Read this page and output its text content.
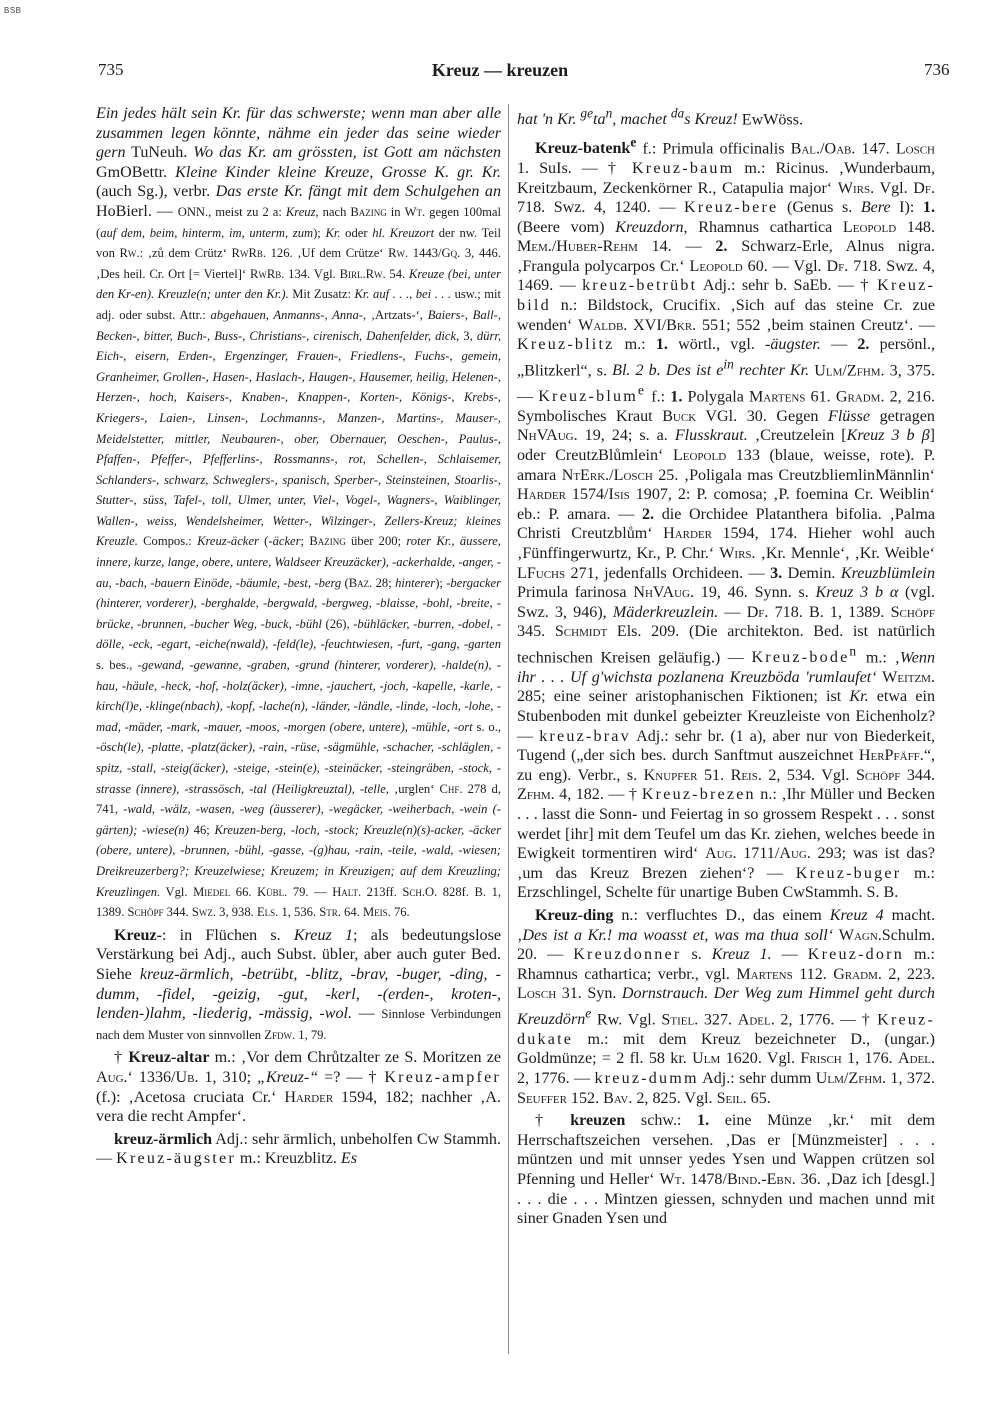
BSB
735	Kreuz — kreuzen	736

Ein jedes hält sein Kr. für das schwerste; wenn man aber alle zusammen legen könnte, nähme ein jeder das seine wieder gern TuNeuh. Wo das Kr. am grössten, ist Gott am nächsten GmOBettr. Kleine Kinder kleine Kreuze, Grosse K. gr. Kr. (auch Sg.), verbr. Das erste Kr. fängt mit dem Schulgehen an HoBierl. — ONN., meist zu 2 a: Kreuz, nach Bazing in Wt. gegen 100mal (auf dem, beim, hinterm, im, unterm, zum); Kr. oder hl. Kreuzort der nw. Teil von Rw.: ‚zů dem Crütz‘ RwRb. 126. ‚Uf dem Crütze‘ Rw. 1443/Gq. 3, 446. ‚Des heil. Cr. Ort [= Viertel]‘ RwRb. 134. Vgl. Birl.Rw. 54. Kreuze (bei, unter den Kr-en). Kreuzle(n; unter den Kr.). Mit Zusatz: Kr. auf . . ., bei . . . usw.; mit adj. oder subst. Attr.: abgehauen, Anmanns-, Anna-, ‚Artzats-‘, Baiers-, Ball-, Becken-, bitter, Buch-, Buss-, Christians-, cirenisch, Dahenfelder, dick, 3, dürr, Eich-, eisern, Erden-, Ergenzinger, Frauen-, Friedlens-, Fuchs-, gemein, Granheimer, Grollen-, Hasen-, Haslach-, Haugen-, Hausemer, heilig, Helenen-, Herzen-, hoch, Kaisers-, Knaben-, Knappen-, Korten-, Königs-, Krebs-, Kriegers-, Laien-, Linsen-, Lochmanns-, Manzen-, Martins-, Mauser-, Meidelstetter, mittler, Neubauren-, ober, Obernauer, Oeschen-, Paulus-, Pfaffen-, Pfeffer-, Pfefferlins-, Rossmanns-, rot, Schellen-, Schlaisemer, Schlanders-, schwarz, Schweglers-, spanisch, Sperber-, Steinsteinen, Stoarlis-, Stutter-, süss, Tafel-, toll, Ulmer, unter, Viel-, Vogel-, Wagners-, Waiblinger, Wallen-, weiss, Wendelsheimer, Wetter-, Wilzinger-, Zellers-Kreuz; kleines Kreuzle. Compos.: Kreuz-äcker (-äcker; Bazing über 200; roter Kr., äussere, innere, kurze, lange, obere, untere, Waldseer Kreuzäcker), -ackerhalde, -anger, -au, -bach, -bauern Einöde, -bäumle, -best, -berg (Baz. 28; hinterer); -bergacker (hinterer, vorderer), -berghalde, -bergwald, -bergweg, -blaisse, -bohl, -breite, -brücke, -brunnen, -bucher Weg, -buck, -bühl (26), -bühläcker, -burren, -dobel, -dölle, -eck, -egart, -eiche(nwald), -feld(le), -feuchtwiesen, -furt, -gang, -garten s. bes., -gewand, -gewanne, -graben, -grund (hinterer, vorderer), -halde(n), -hau, -häule, -heck, -hof, -holz(äcker), -imne, -jauchert, -joch, -kapelle, -karle, -kirch(l)e, -klinge(nbach), -kopf, -lache(n), -länder, -ländle, -linde, -loch, -lohe, -mad, -mäder, -mark, -mauer, -moos, -morgen (obere, untere), -mühle, -ort s. o., -ösch(le), -platte, -platz(äcker), -rain, -rüse, -sägmühle, -schacher, -schläglen, -spitz, -stall, -steig(äcker), -steige, -stein(e), -steinäcker, -steingräben, -stock, -strasse (innere), -strassösch, -tal (Heiligkreuztal), -telle, ‚urglen‘ Chf. 278 d, 741, -wald, -wälz, -wasen, -weg (äusserer), -wegäcker, -weiherbach, -wein (-gärten); -wiese(n) 46; Kreuzen-berg, -loch, -stock; Kreuzle(n)(s)-acker, -äcker (obere, untere), -brunnen, -bühl, -gasse, -(g)hau, -rain, -teile, -wald, -wiesen; Dreikreuzerberg?; Kreuzelwiese; Kreuzem; in Kreuzigen; auf dem Kreuzling; Kreuzlingen. Vgl. Miedel 66. Kübl. 79. — Halt. 213ff. Sch.O. 828f. B. 1, 1389. Schöpf 344. Swz. 3, 938. Els. 1, 536. Str. 64. Meis. 76.

Kreuz-: in Flüchen s. Kreuz 1; als bedeutungslose Verstärkung bei Adj., auch Subst. übler, aber auch guter Bed. Siehe kreuz-ärmlich, -betrübt, -blitz, -brav, -buger, -ding, -dumm, -fidel, -geizig, -gut, -kerl, -(erden-, kroten-, lenden-)lahm, -liederig, -mässig, -wol. — Sinnlose Verbindungen nach dem Muster von sinnvollen Zfdw. 1, 79.

† Kreuz-altar m.: ‚Vor dem Chrůtzalter ze S. Moritzen ze Aug.‘ 1336/Ub. 1, 310; „Kreuz-“ =? — † Kreuz-ampfer (f.): ‚Acetosa cruciata Cr.‘ Harder 1594, 182; nachher ‚A. vera die recht Ampfer‘.

kreuz-ärmlich Adj.: sehr ärmlich, unbeholfen Cw Stammh. — Kreuz-äugster m.: Kreuzblitz. Es

hat 'n Kr. $^{ge}ta^n$, machet $^{da}$s Kreuz! EwWöss.

Kreuz-batenk$^e$ f.: Primula officinalis Bal./Oab. 147. Losch 1. SuIs. — † Kreuz-baum m.: Ricinus. ‚Wunderbaum, Kreitzbaum, Zeckenkörner R., Catapulia major‘ Wirs. Vgl. Df. 718. Swz. 4, 1240. — Kreuz-bere (Genus s. Bere I): 1. (Beere vom) Kreuzdorn, Rhamnus cathartica Leopold 148. Mem./Huber-Rehm 14. — 2. Schwarz-Erle, Alnus nigra. ‚Frangula polycarpos Cr.‘ Leopold 60. — Vgl. Df. 718. Swz. 4, 1469. — kreuz-betrübt Adj.: sehr b. SaEb. — † Kreuz-bild n.: Bildstock, Crucifix. ‚Sich auf das steine Cr. zue wenden‘ Waldb. XVI/Bkr. 551; 552 ‚beim stainen Creutz‘. — Kreuz-blitz m.: 1. wörtl., vgl. -äugster. — 2. persönl., „Blitzkerl“, s. Bl. 2 b. Des ist $e^{in}$ rechter Kr. Ulm/Zfhm. 3, 375. — Kreuz-blum$^e$ f.: 1. Polygala Martens 61. Gradm. 2, 216. Symbolisches Kraut Buck VGl. 30. Gegen Flüsse getragen NhVAug. 19, 24; s. a. Flusskraut. ‚Creutzelein [Kreuz 3 b β] oder CreutzBlůmlein‘ Leopold 133 (blaue, weisse, rote). P. amara NtErk./Losch 25. ‚Poligala mas CreutzbliemlinMännlin‘ Harder 1574/Isis 1907, 2: P. comosa; ‚P. foemina Cr. Weiblin‘ eb.: P. amara. — 2. die Orchidee Platanthera bifolia. ‚Palma Christi Creutzblům‘ Harder 1594, 174. Hieher wohl auch ‚Fünffingerwurtz, Kr., P. Chr.‘ Wirs. ‚Kr. Mennle‘, ‚Kr. Weible‘ LFuchs 271, jedenfalls Orchideen. — 3. Demin. Kreuzblümlein Primula farinosa NhVAug. 19, 46. Synn. s. Kreuz 3 b α (vgl. Swz. 3, 946), Mäderkreuzlein. — Df. 718. B. 1, 1389. Schöpf 345. Schmidt Els. 209. (Die architekton. Bed. ist natürlich technischen Kreisen geläufig.) — Kreuz-bode$^n$ m.: ‚Wenn ihr . . . Uf g'wichsta pozlanena Kreuzböda 'rumlaufet‘ Weitzm. 285; eine seiner aristophanischen Fiktionen; ist Kr. etwa ein Stubenboden mit dunkel gebeizter Kreuzleiste von Eichenholz? — kreuz-brav Adj.: sehr br. (1 a), aber nur von Biederkeit, Tugend („der sich bes. durch Sanftmut auszeichnet HerPfäff.“, zu eng). Verbr., s. Knupfer 51. Reis. 2, 534. Vgl. Schöpf 344. Zfhm. 4, 182. — † Kreuz-brezen n.: ‚Ihr Müller und Becken . . . lasst die Sonn- und Feiertag in so grossem Respekt . . . sonst werdet [ihr] mit dem Teufel um das Kr. ziehen, welches beede in Ewigkeit tormentiren wird‘ Aug. 1711/Aug. 293; was ist das? ‚um das Kreuz Brezen ziehen‘? — Kreuz-buger m.: Erzschlingel, Schelte für unartige Buben CwStammh. S. B.

Kreuz-ding n.: verfluchtes D., das einem Kreuz 4 macht. ‚Des ist a Kr.! ma woasst et, was ma thua soll‘ Wagn.Schulm. 20. — Kreuzdonner s. Kreuz 1. — Kreuz-dorn m.: Rhamnus cathartica; verbr., vgl. Martens 112. Gradm. 2, 223. Losch 31. Syn. Dornstrauch. Der Weg zum Himmel geht durch Kreuzdörn$^e$ Rw. Vgl. Stiel. 327. Adel. 2, 1776. — † Kreuz-dukate m.: mit dem Kreuz bezeichneter D., (ungar.) Goldmünze; = 2 fl. 58 kr. Ulm 1620. Vgl. Frisch 1, 176. Adel. 2, 1776. — kreuz-dumm Adj.: sehr dumm Ulm/Zfhm. 1, 372. Seuffer 152. Bav. 2, 825. Vgl. Seil. 65.

† kreuzen schw.: 1. eine Münze ‚kr.‘ mit dem Herrschaftszeichen versehen. ‚Das er [Münzmeister] . . . müntzen und mit unnser yedes Ysen und Wappen crützen sol Pfenning und Heller‘ Wt. 1478/Bind.-Ebn. 36. ‚Daz ich [desgl.] . . . die . . . Mintzen giessen, schnyden und machen unnd mit siner Gnaden Ysen und
